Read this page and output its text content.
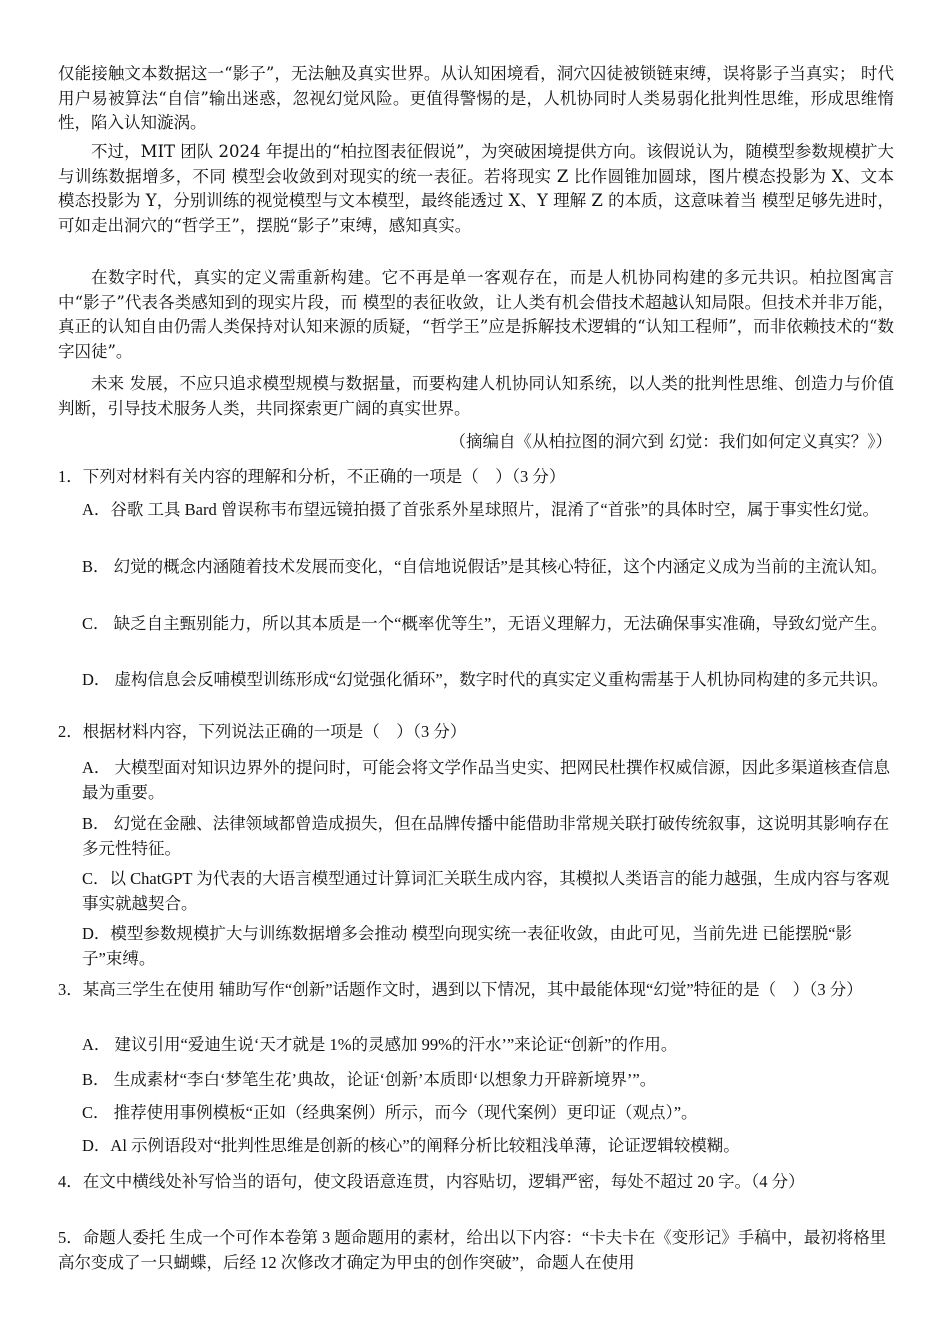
仅能接触文本数据这一“影子”，无法触及真实世界。从认知困境看，洞穴囚徒被锁链束缚，误将影子当真实； 时代用户易被算法“自信”输出迷惑，忽视幻觉风险。更值得警惕的是，人机协同时人类易弱化批判性思维，形成思维惰性，陷入认知漩涡。

不过，MIT 团队 2024 年提出的“柏拉图表征假说”，为突破困境提供方向。该假说认为，随模型参数规模扩大与训练数据增多，不同 模型会收敛到对现实的统一表征。若将现实 Z 比作圆锥加圆球，图片模态投影为 X、文本模态投影为 Y，分别训练的视觉模型与文本模型，最终能透过 X、Y 理解 Z 的本质，这意味着当 模型足够先进时，可如走出洞穴的“哲学王”，摆脱“影子”束缚，感知真实。

在数字时代，真实的定义需重新构建。它不再是单一客观存在，而是人机协同构建的多元共识。柏拉图寓言中“影子”代表各类感知到的现实片段，而 模型的表征收敛，让人类有机会借技术超越认知局限。但技术并非万能，真正的认知自由仍需人类保持对认知来源的质疑，“哲学王”应是拆解技术逻辑的“认知工程师”，而非依赖技术的“数字囚徒”。

未来 发展，不应只追求模型规模与数据量，而要构建人机协同认知系统，以人类的批判性思维、创造力与价值判断，引导技术服务人类，共同探索更广阔的真实世界。

（摘编自《从柏拉图的洞穴到 幻觉：我们如何定义真实？》）

1．下列对材料有关内容的理解和分析，不正确的一项是（　）（3 分）

A．谷歌 工具 Bard 曾误称韦布望远镜拍摄了首张系外星球照片，混淆了“首张”的具体时空，属于事实性幻觉。

B． 幻觉的概念内涵随着技术发展而变化，“自信地说假话”是其核心特征，这个内涵定义成为当前的主流认知。

C． 缺乏自主甄别能力，所以其本质是一个“概率优等生”，无语义理解力，无法确保事实准确，导致幻觉产生。

D． 虚构信息会反哺模型训练形成“幻觉强化循环”，数字时代的真实定义重构需基于人机协同构建的多元共识。

2．根据材料内容，下列说法正确的一项是（　）（3 分）

A． 大模型面对知识边界外的提问时，可能会将文学作品当史实、把网民杜撰作权威信源，因此多渠道核查信息最为重要。

B． 幻觉在金融、法律领域都曾造成损失，但在品牌传播中能借助非常规关联打破传统叙事，这说明其影响存在多元性特征。

C．以 ChatGPT 为代表的大语言模型通过计算词汇关联生成内容，其模拟人类语言的能力越强，生成内容与客观事实就越契合。

D．模型参数规模扩大与训练数据增多会推动 模型向现实统一表征收敛，由此可见，当前先进 已能摆脱“影子”束缚。

3．某高三学生在使用 辅助写作“创新”话题作文时，遇到以下情况，其中最能体现“幻觉”特征的是（　）（3 分）

A． 建议引用“爱迪生说‘天才就是 1%的灵感加 99%的汗水’”来论证“创新”的作用。

B． 生成素材“李白‘梦笔生花’典故，论证‘创新’本质即‘以想象力开辟新境界’”。

C． 推荐使用事例模板“正如（经典案例）所示，而今（现代案例）更印证（观点）”。

D．Al 示例语段对“批判性思维是创新的核心”的阐释分析比较粗浅单薄，论证逻辑较模糊。

4．在文中横线处补写恰当的语句，使文段语意连贯，内容贴切，逻辑严密，每处不超过 20 字。（4 分）

5．命题人委托 生成一个可作本卷第 3 题命题用的素材，给出以下内容：“卡夫卡在《变形记》手稿中，最初将格里高尔变成了一只蝴蝶，后经 12 次修改才确定为甲虫的创作突破”，命题人在使用
